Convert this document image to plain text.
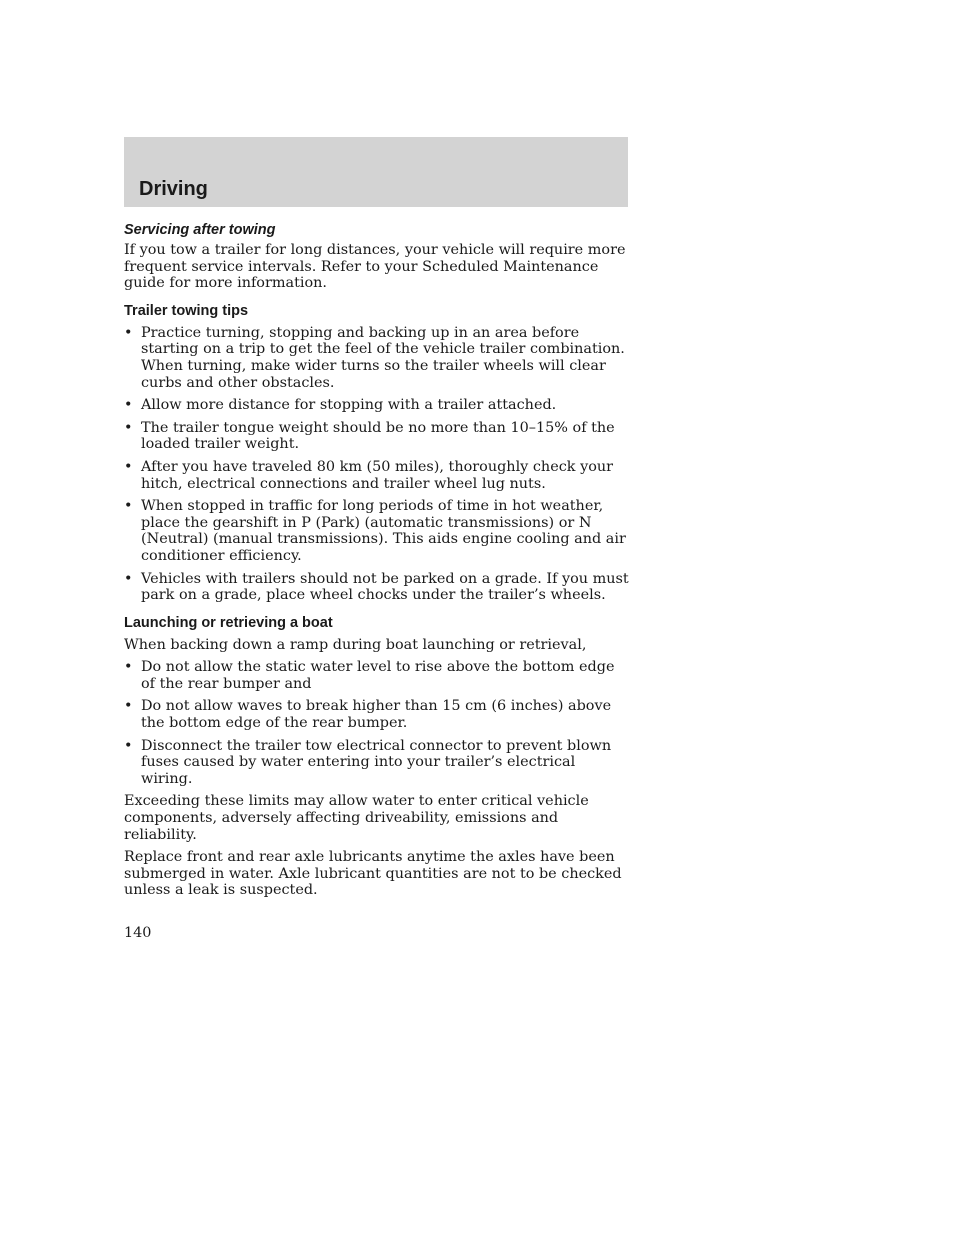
Driving
Servicing after towing

If you tow a trailer for long distances, your vehicle will require more frequent service intervals. Refer to your Scheduled Maintenance guide for more information.

Trailer towing tips
• Practice turning, stopping and backing up in an area before starting on a trip to get the feel of the vehicle trailer combination. When turning, make wider turns so the trailer wheels will clear curbs and other obstacles.
• Allow more distance for stopping with a trailer attached.
• The trailer tongue weight should be no more than 10–15% of the loaded trailer weight.
• After you have traveled 80 km (50 miles), thoroughly check your hitch, electrical connections and trailer wheel lug nuts.
• When stopped in traffic for long periods of time in hot weather, place the gearshift in P (Park) (automatic transmissions) or N (Neutral) (manual transmissions). This aids engine cooling and air conditioner efficiency.
• Vehicles with trailers should not be parked on a grade. If you must park on a grade, place wheel chocks under the trailer’s wheels.
Launching or retrieving a boat

When backing down a ramp during boat launching or retrieval,

• Do not allow the static water level to rise above the bottom edge of the rear bumper and
• Do not allow waves to break higher than 15 cm (6 inches) above the bottom edge of the rear bumper.
• Disconnect the trailer tow electrical connector to prevent blown fuses caused by water entering into your trailer’s electrical wiring.

Exceeding these limits may allow water to enter critical vehicle components, adversely affecting driveability, emissions and reliability.

Replace front and rear axle lubricants anytime the axles have been submerged in water. Axle lubricant quantities are not to be checked unless a leak is suspected.

140
